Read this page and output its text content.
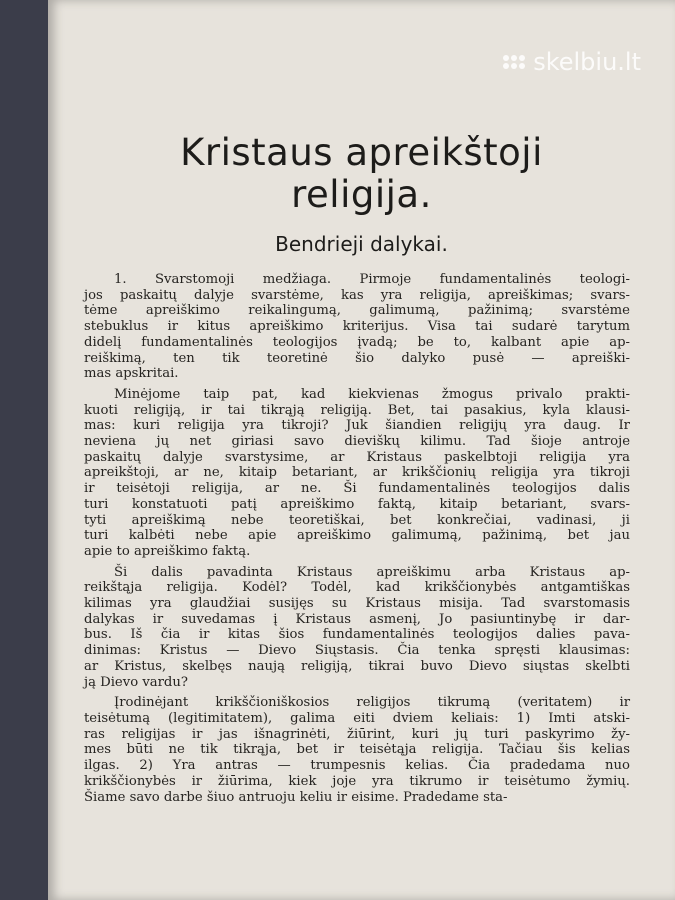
skelbiu.lt
Kristaus apreikštoji
religija.
Bendrieji dalykai.
1. Svarstomoji medžiaga. Pirmoje fundamentalinės teologi-
jos paskaitų dalyje svarstėme, kas yra religija, apreiškimas; svars-
tėme apreiškimo reikalingumą, galimumą, pažinimą; svarstėme
stebuklus ir kitus apreiškimo kriterijus. Visa tai sudarė tarytum
didelį fundamentalinės teologijos įvadą; be to, kalbant apie ap-
reiškimą, ten tik teoretinė šio dalyko pusė — apreiški-
mas apskritai.
Minėjome taip pat, kad kiekvienas žmogus privalo prakti-
kuoti religiją, ir tai tikrąją religiją. Bet, tai pasakius, kyla klausi-
mas: kuri religija yra tikroji? Juk šiandien religijų yra daug. Ir
neviena jų net giriasi savo dieviškų kilimu. Tad šioje antroje
paskaitų dalyje svarstysime, ar Kristaus paskelbtoji religija yra
apreikštoji, ar ne, kitaip betariant, ar krikščionių religija yra tikroji
ir teisėtoji religija, ar ne. Ši fundamentalinės teologijos dalis
turi konstatuoti patį apreiškimo faktą, kitaip betariant, svars-
tyti apreiškimą nebe teoretiškai, bet konkrečiai, vadinasi, ji
turi kalbėti nebe apie apreiškimo galimumą, pažinimą, bet jau
apie to apreiškimo faktą.
Ši dalis pavadinta Kristaus apreiškimu arba Kristaus ap-
reikštąja religija. Kodėl? Todėl, kad krikščionybės antgamtiškas
kilimas yra glaudžiai susijęs su Kristaus misija. Tad svarstomasis
dalykas ir suvedamas į Kristaus asmenį, Jo pasiuntinybę ir dar-
bus. Iš čia ir kitas šios fundamentalinės teologijos dalies pava-
dinimas: Kristus — Dievo Siųstasis. Čia tenka spręsti klausimas:
ar Kristus, skelbęs naują religiją, tikrai buvo Dievo siųstas skelbti
ją Dievo vardu?
Įrodinėjant krikščioniškosios religijos tikrumą (veritatem) ir
teisėtumą (legitimitatem), galima eiti dviem keliais: 1) Imti atski-
ras religijas ir jas išnagrinėti, žiūrint, kuri jų turi paskyrimo žy-
mes būti ne tik tikrąja, bet ir teisėtąja religija. Tačiau šis kelias
ilgas. 2) Yra antras — trumpesnis kelias. Čia pradedama nuo
krikščionybės ir žiūrima, kiek joje yra tikrumo ir teisėtumo žymių.
Šiame savo darbe šiuo antruoju keliu ir eisime. Pradedame sta-
